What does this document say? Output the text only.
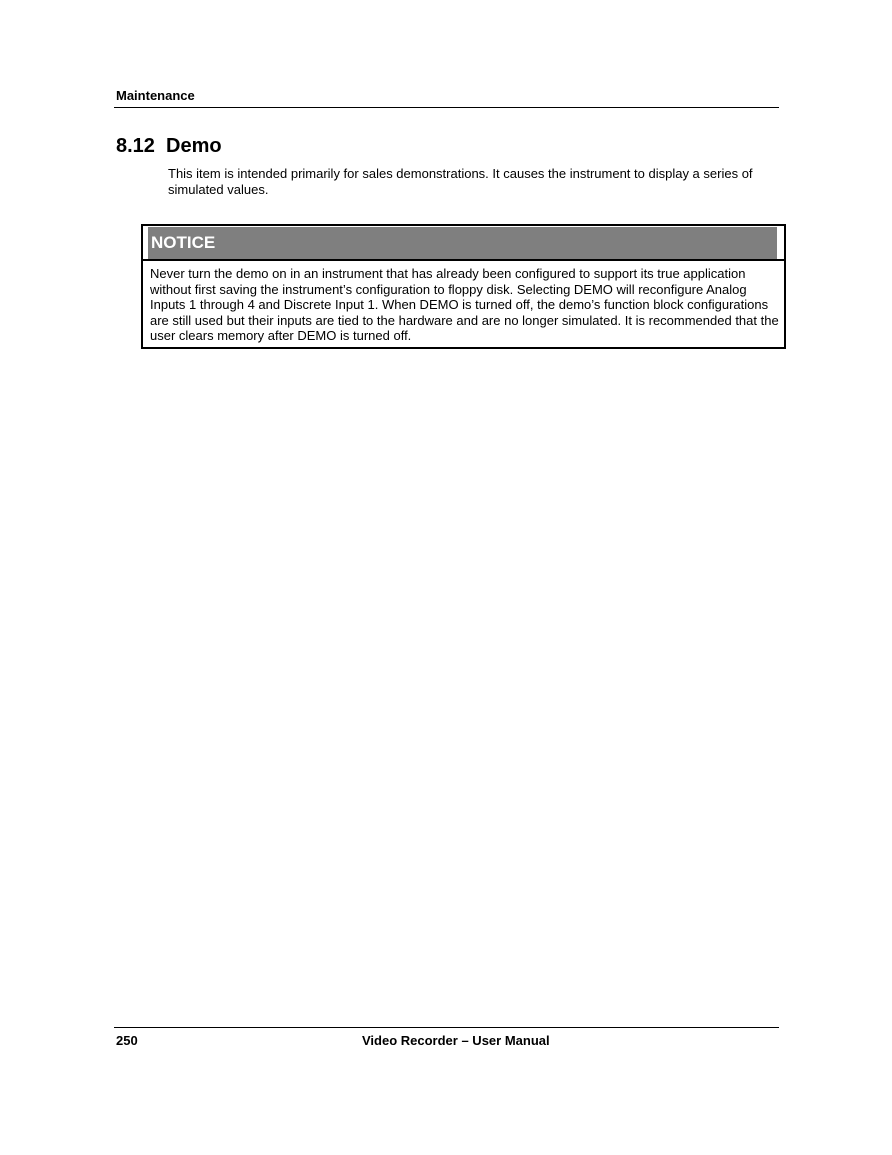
Maintenance
8.12  Demo
This item is intended primarily for sales demonstrations. It causes the instrument to display a series of simulated values.
NOTICE
Never turn the demo on in an instrument that has already been configured to support its true application without first saving the instrument’s configuration to floppy disk. Selecting DEMO will reconfigure Analog Inputs 1 through 4 and Discrete Input 1. When DEMO is turned off, the demo’s function block configurations are still used but their inputs are tied to the hardware and are no longer simulated. It is recommended that the user clears memory after DEMO is turned off.
250	Video Recorder – User Manual
